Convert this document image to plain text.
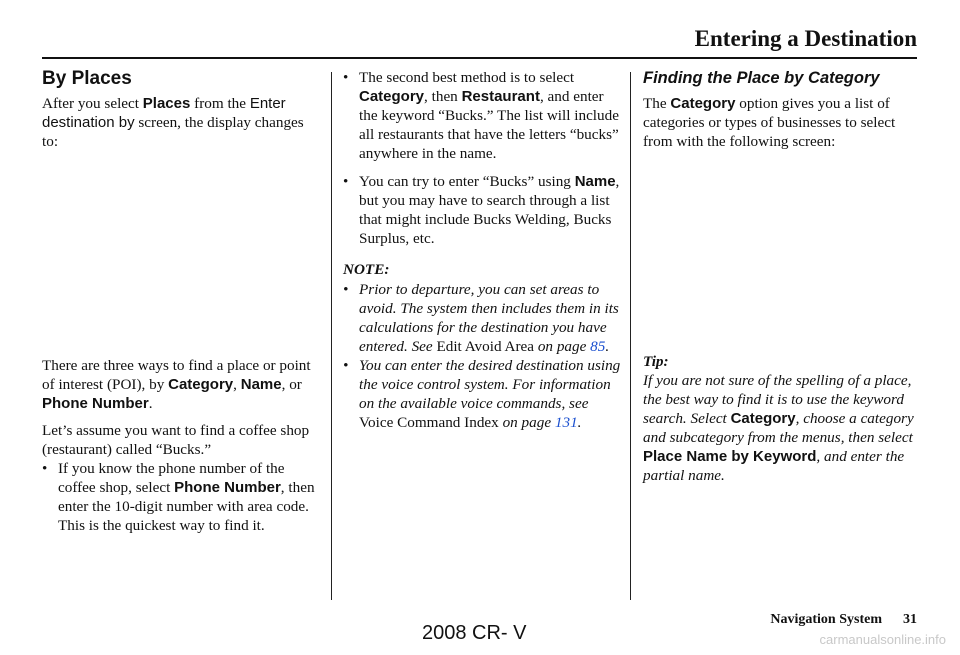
Entering a Destination
By Places

After you select Places from the Enter destination by screen, the display changes to:

There are three ways to find a place or point of interest (POI), by Category, Name, or Phone Number.

Let’s assume you want to find a coffee shop (restaurant) called “Bucks.”

• If you know the phone number of the coffee shop, select Phone Number, then enter the 10-digit number with area code. This is the quickest way to find it.
• The second best method is to select Category, then Restaurant, and enter the keyword “Bucks.” The list will include all restaurants that have the letters “bucks” anywhere in the name.
• You can try to enter “Bucks” using Name, but you may have to search through a list that might include Bucks Welding, Bucks Surplus, etc.

NOTE:

• Prior to departure, you can set areas to avoid. The system then includes them in its calculations for the destination you have entered. See Edit Avoid Area on page 85.
• You can enter the desired destination using the voice control system. For information on the available voice commands, see Voice Command Index on page 131.
Finding the Place by Category

The Category option gives you a list of categories or types of businesses to select from with the following screen:

Tip:

If you are not sure of the spelling of a place, the best way to find it is to use the keyword search. Select Category, choose a category and subcategory from the menus, then select Place Name by Keyword, and enter the partial name.

Navigation System 31
2008 CR- V	carmanualsonline.info
